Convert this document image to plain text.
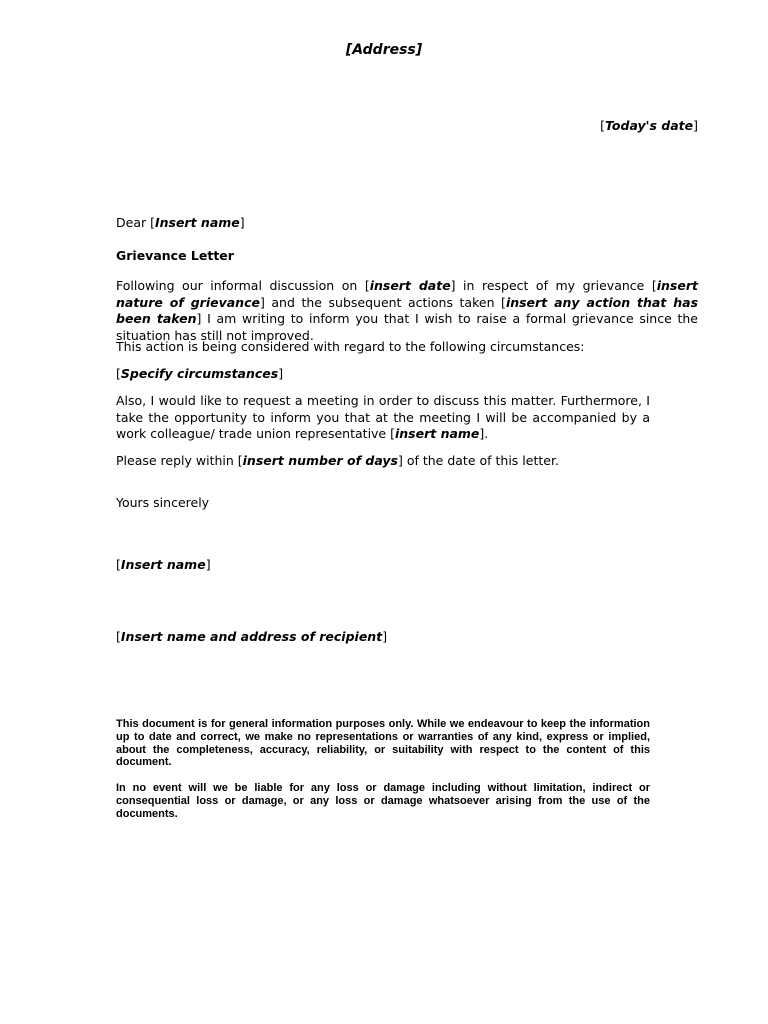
[Address]
[Today's date]
Dear [Insert name]
Grievance Letter
Following our informal discussion on [insert date] in respect of my grievance [insert nature of grievance] and the subsequent actions taken [insert any action that has been taken] I am writing to inform you that I wish to raise a formal grievance since the situation has still not improved.
This action is being considered with regard to the following circumstances:
[Specify circumstances]
Also, I would like to request a meeting in order to discuss this matter. Furthermore, I take the opportunity to inform you that at the meeting I will be accompanied by a work colleague/ trade union representative [insert name].
Please reply within [insert number of days] of the date of this letter.
Yours sincerely
[Insert name]
[Insert name and address of recipient]
This document is for general information purposes only. While we endeavour to keep the information up to date and correct, we make no representations or warranties of any kind, express or implied, about the completeness, accuracy, reliability, or suitability with respect to the content of this document.
In no event will we be liable for any loss or damage including without limitation, indirect or consequential loss or damage, or any loss or damage whatsoever arising from the use of the documents.
